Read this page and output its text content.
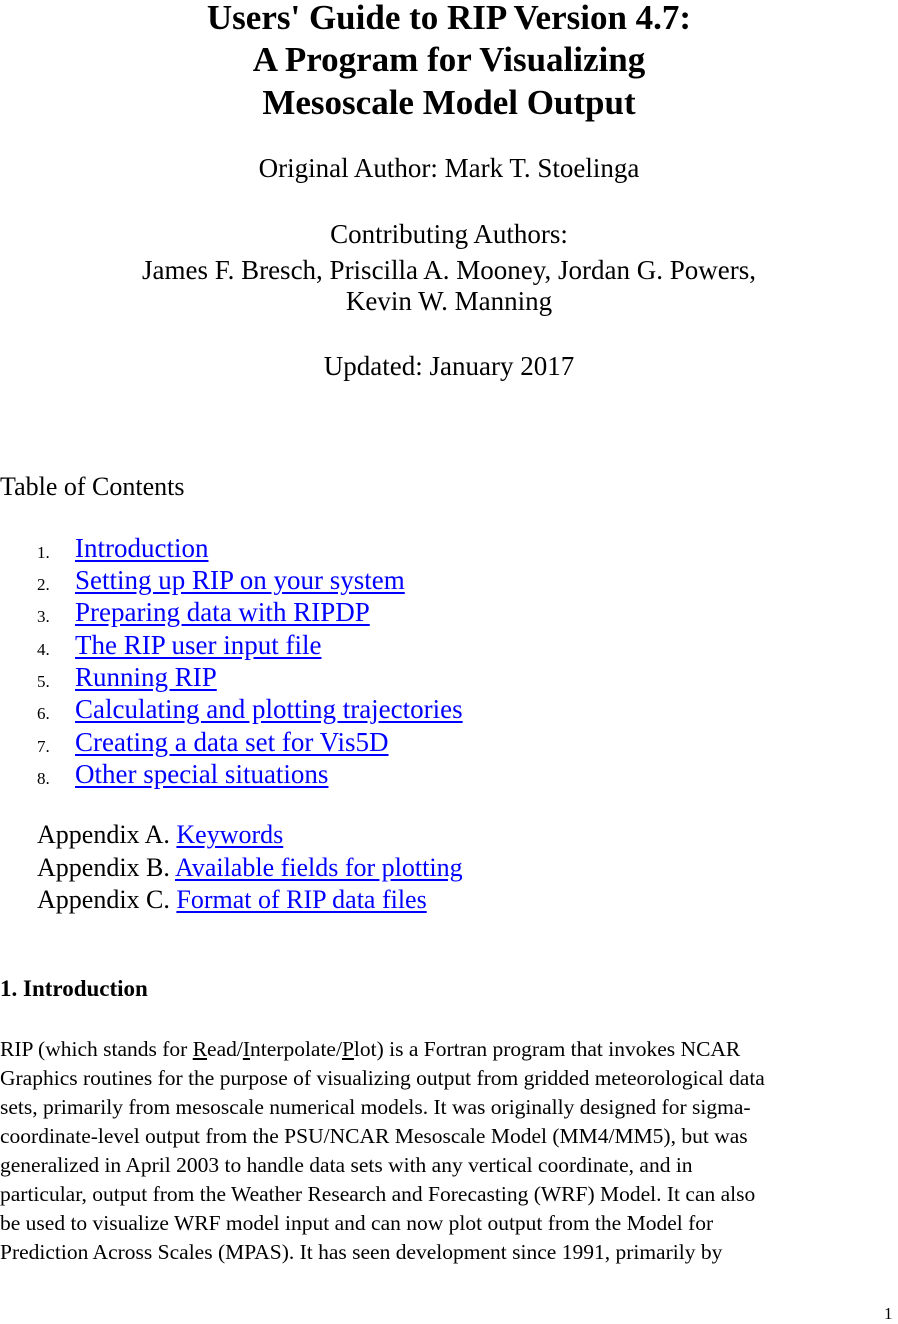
Users' Guide to RIP Version 4.7:
A Program for Visualizing
Mesoscale Model Output
Original Author: Mark T. Stoelinga
Contributing Authors:
James F. Bresch, Priscilla A. Mooney, Jordan G. Powers,
Kevin W. Manning
Updated: January 2017
Table of Contents
1. Introduction
2. Setting up RIP on your system
3. Preparing data with RIPDP
4. The RIP user input file
5. Running RIP
6. Calculating and plotting trajectories
7. Creating a data set for Vis5D
8. Other special situations
Appendix A. Keywords
Appendix B. Available fields for plotting
Appendix C. Format of RIP data files
1. Introduction
RIP (which stands for Read/Interpolate/Plot) is a Fortran program that invokes NCAR
Graphics routines for the purpose of visualizing output from gridded meteorological data
sets, primarily from mesoscale numerical models. It was originally designed for sigma-
coordinate-level output from the PSU/NCAR Mesoscale Model (MM4/MM5), but was
generalized in April 2003 to handle data sets with any vertical coordinate, and in
particular, output from the Weather Research and Forecasting (WRF) Model. It can also
be used to visualize WRF model input and can now plot output from the Model for
Prediction Across Scales (MPAS). It has seen development since 1991, primarily by
1
